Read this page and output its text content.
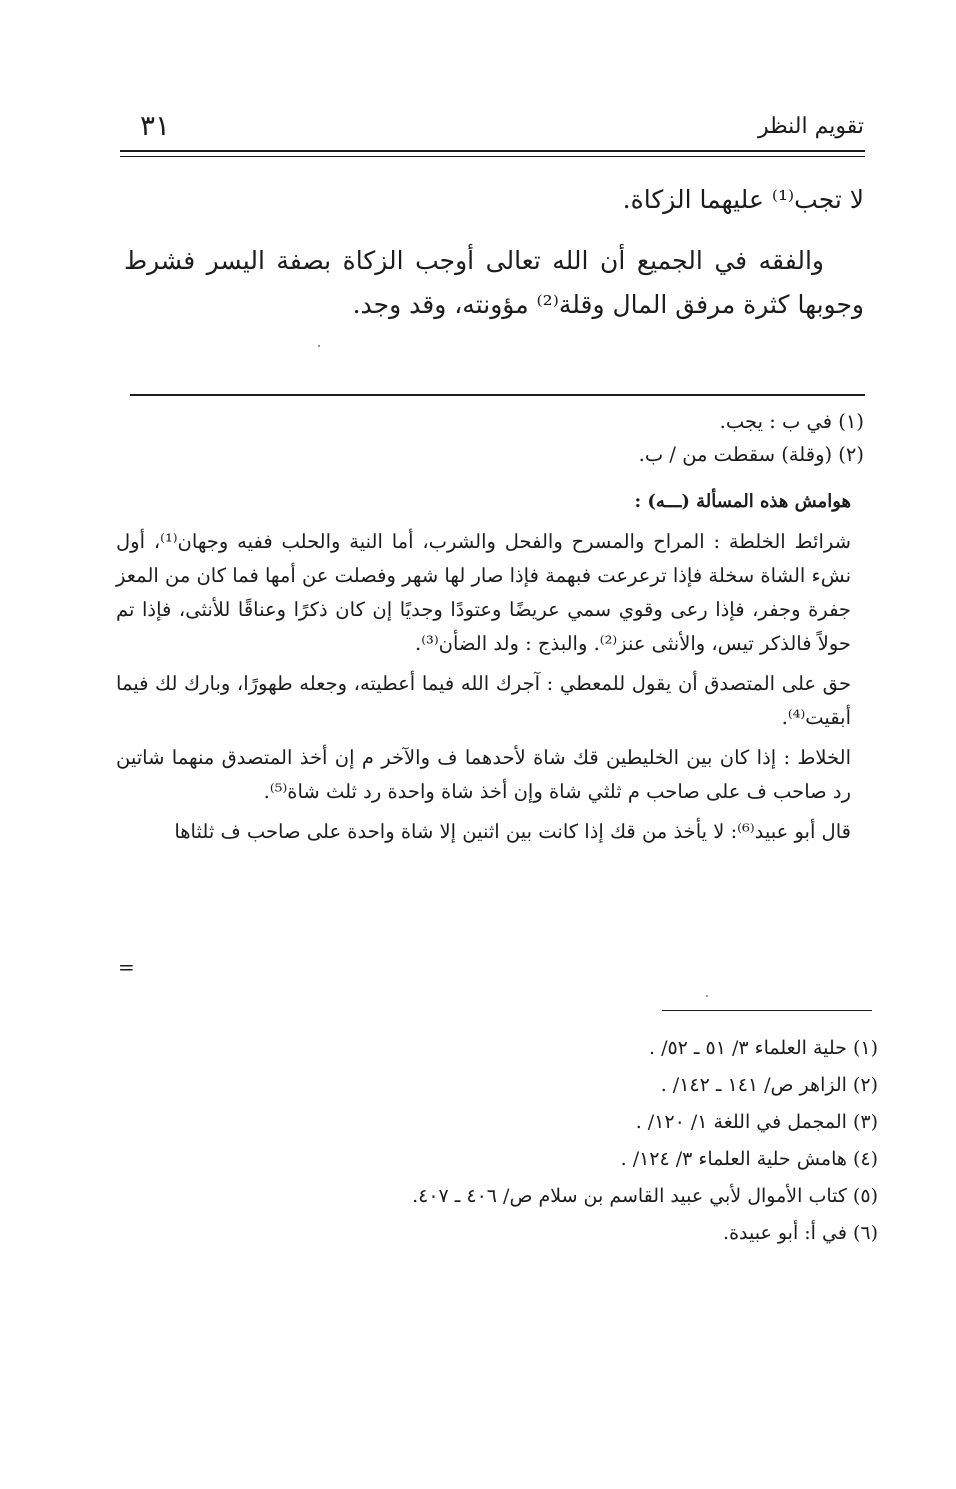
تقويم النظر
٣١

لا تجب⁽¹⁾ عليهما الزكاة.

والفقه في الجميع أن الله تعالى أوجب الزكاة بصفة اليسر فشرط وجوبها كثرة مرفق المال وقلة⁽²⁾ مؤونته، وقد وجد.

(١) في ب : يجب.
(٢) (وقلة) سقطت من / ب.

هوامش هذه المسألة (ـــه) :

شرائط الخلطة : المراح والمسرح والفحل والشرب، أما النية والحلب ففيه وجهان⁽¹⁾، أول نشء الشاة سخلة فإذا ترعرعت فبهمة فإذا صار لها شهر وفصلت عن أمها فما كان من المعز جفرة وجفر، فإذا رعى وقوي سمي عريضًا وعتودًا وجديًا إن كان ذكرًا وعناقًا للأنثى، فإذا تم حولاً فالذكر تيس، والأنثى عنز⁽²⁾. والبذج : ولد الضأن⁽³⁾.

حق على المتصدق أن يقول للمعطي : آجرك الله فيما أعطيته، وجعله طهورًا، وبارك لك فيما أبقيت⁽⁴⁾.

الخلاط : إذا كان بين الخليطين قك شاة لأحدهما ف والآخر م إن أخذ المتصدق منهما شاتين رد صاحب ف على صاحب م ثلثي شاة وإن أخذ شاة واحدة رد ثلث شاة⁽⁵⁾.

قال أبو عبيد⁽⁶⁾: لا يأخذ من قك إذا كانت بين اثنين إلا شاة واحدة على صاحب ف ثلثاها

=
(١) حلية العلماء ٣/ ٥١ ـ ٥٢/ .
(٢) الزاهر ص/ ١٤١ ـ ١٤٢/ .
(٣) المجمل في اللغة ١/ ١٢٠/ .
(٤) هامش حلية العلماء ٣/ ١٢٤/ .
(٥) كتاب الأموال لأبي عبيد القاسم بن سلام ص/ ٤٠٦ ـ ٤٠٧.
(٦) في أ: أبو عبيدة.
